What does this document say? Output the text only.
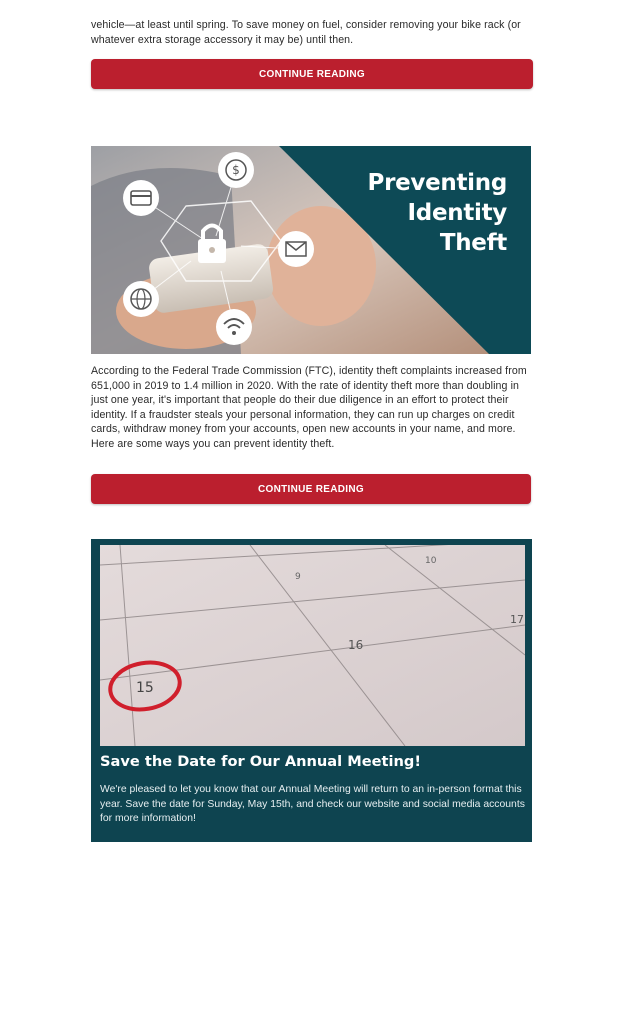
vehicle—at least until spring. To save money on fuel, consider removing your bike rack (or whatever extra storage accessory it may be) until then.

CONTINUE READING
$	Preventing
Identity
Theft

According to the Federal Trade Commission (FTC), identity theft complaints increased from 651,000 in 2019 to 1.4 million in 2020. With the rate of identity theft more than doubling in just one year, it's important that people do their due diligence in an effort to protect their identity. If a fraudster steals your personal information, they can run up charges on credit cards, withdraw money from your accounts, open new accounts in your name, and more. Here are some ways you can prevent identity theft.

CONTINUE READING
9
10
16
17
15
Save the Date for Our Annual Meeting!

We're pleased to let you know that our Annual Meeting will return to an in-person format this year. Save the date for Sunday, May 15th, and check our website and social media accounts for more information!
